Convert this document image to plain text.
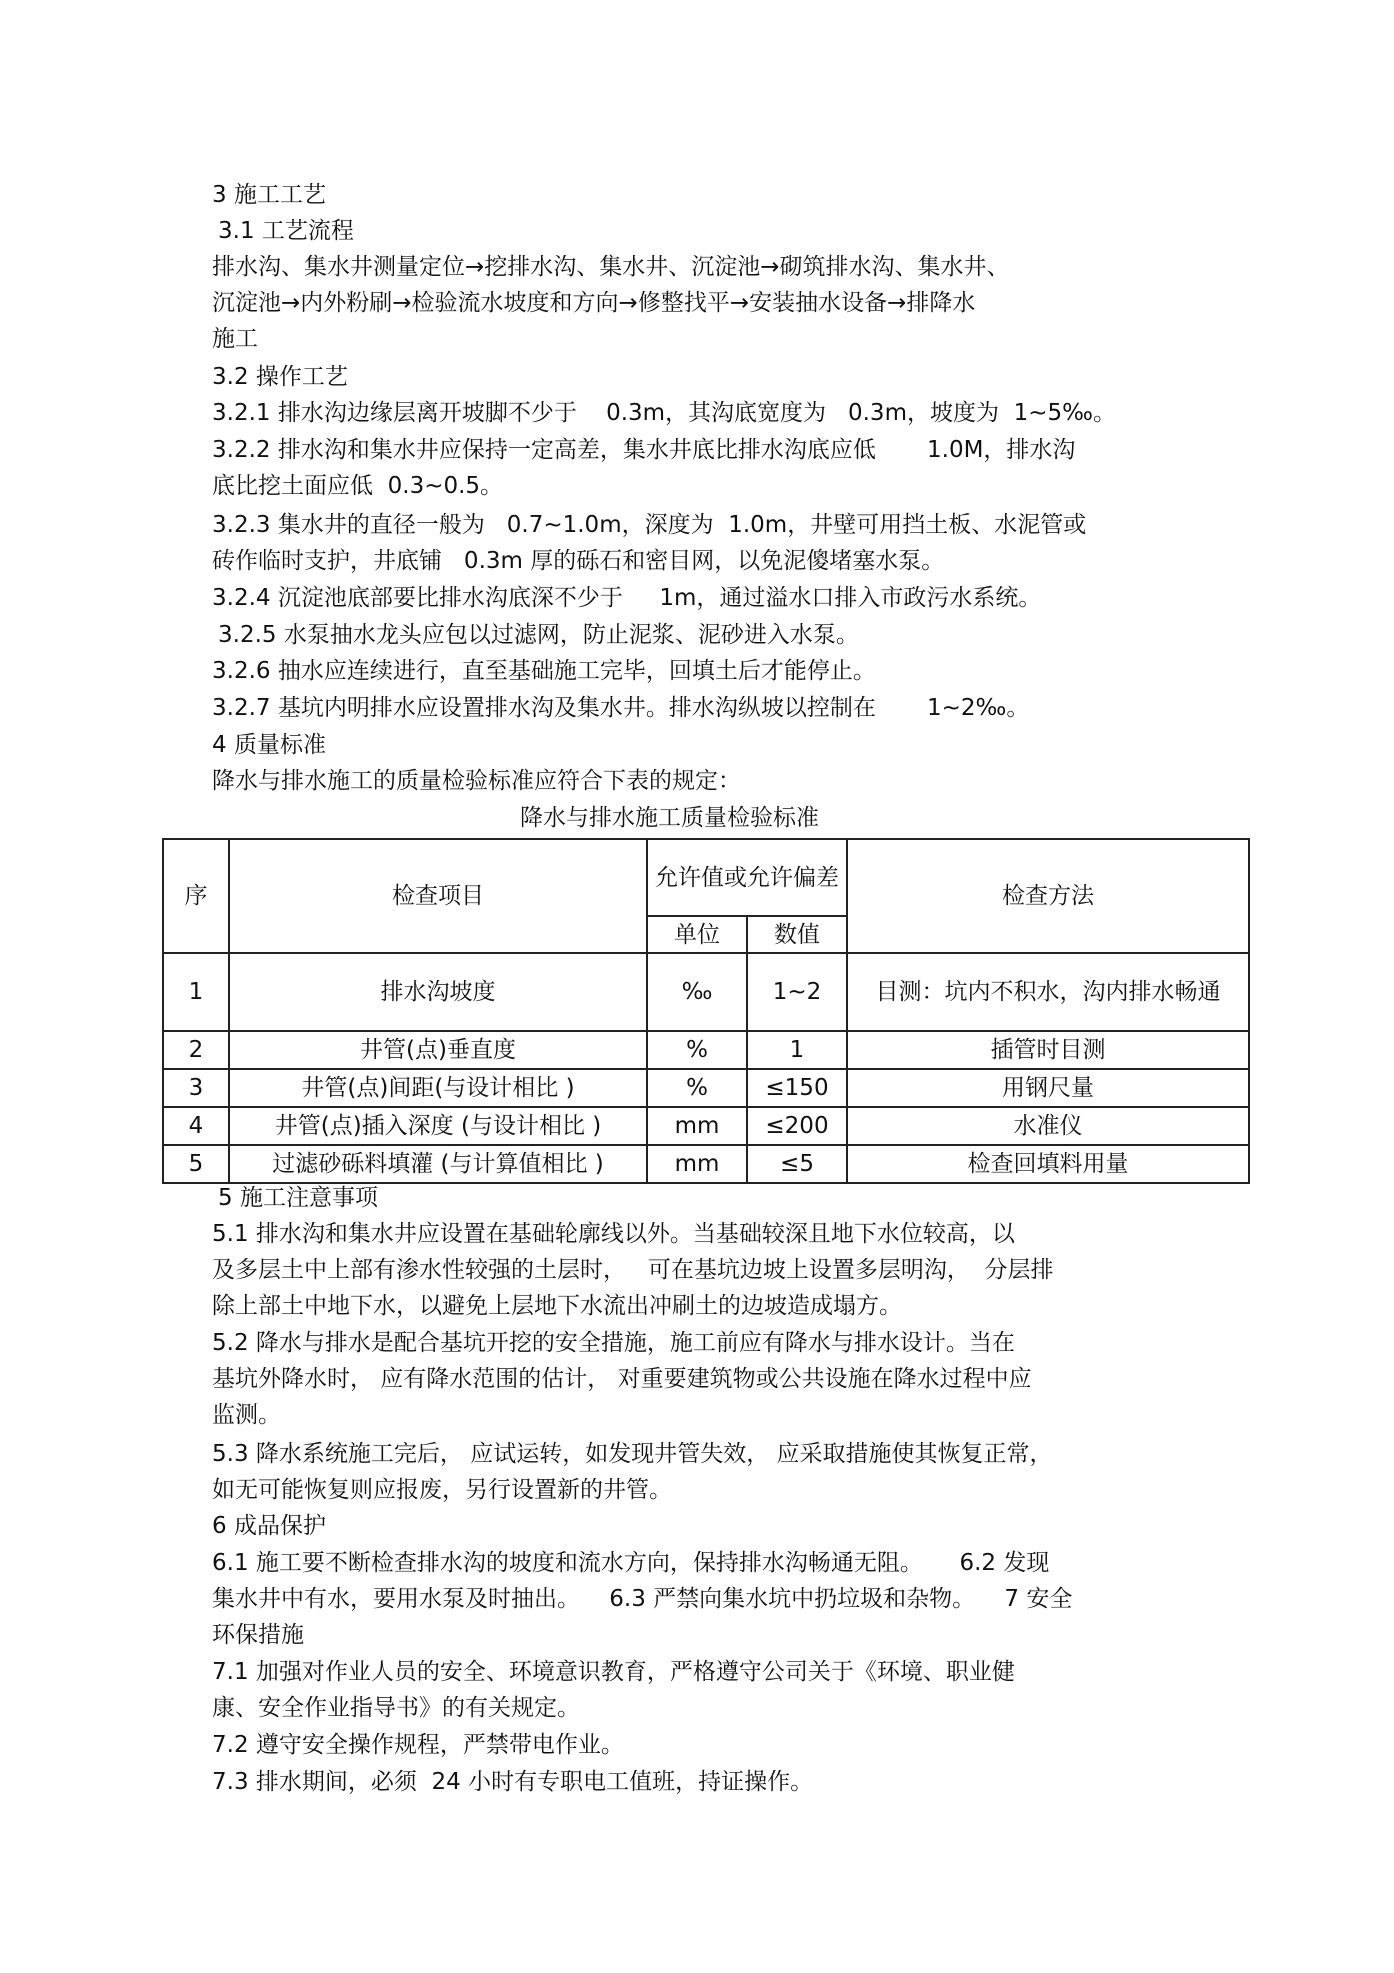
3 施工工艺
3.1 工艺流程
排水沟、集水井测量定位→挖排水沟、集水井、沉淀池→砌筑排水沟、集水井、
沉淀池→内外粉刷→检验流水坡度和方向→修整找平→安装抽水设备→排降水
施工
3.2 操作工艺
3.2.1 排水沟边缘层离开坡脚不少于    0.3m，其沟底宽度为   0.3m，坡度为  1~5‰。
3.2.2 排水沟和集水井应保持一定高差，集水井底比排水沟底应低       1.0M，排水沟
底比挖土面应低  0.3~0.5。
3.2.3 集水井的直径一般为   0.7~1.0m，深度为  1.0m，井壁可用挡土板、水泥管或
砖作临时支护，井底铺   0.3m 厚的砾石和密目网，以免泥傻堵塞水泵。
3.2.4 沉淀池底部要比排水沟底深不少于     1m，通过溢水口排入市政污水系统。
3.2.5 水泵抽水龙头应包以过滤网，防止泥浆、泥砂进入水泵。
3.2.6 抽水应连续进行，直至基础施工完毕，回填土后才能停止。
3.2.7 基坑内明排水应设置排水沟及集水井。排水沟纵坡以控制在       1~2‰。
4 质量标准
降水与排水施工的质量检验标准应符合下表的规定：
降水与排水施工质量检验标准
序	检查项目	允许值或允许偏差		检查方法
		单位	数值	
1	排水沟坡度	‰	1~2	目测：坑内不积水，沟内排水畅通
2	井管(点)垂直度	%	1	插管时目测
3	井管(点)间距(与设计相比 )	%	≤150	用钢尺量
4	井管(点)插入深度 (与设计相比 )	mm	≤200	水准仪
5	过滤砂砾料填灌 (与计算值相比 )	mm	≤5	检查回填料用量
5 施工注意事项
5.1 排水沟和集水井应设置在基础轮廓线以外。当基础较深且地下水位较高，以
及多层土中上部有渗水性较强的土层时，   可在基坑边坡上设置多层明沟，  分层排
除上部土中地下水，以避免上层地下水流出冲刷土的边坡造成塌方。
5.2 降水与排水是配合基坑开挖的安全措施，施工前应有降水与排水设计。当在
基坑外降水时， 应有降水范围的估计， 对重要建筑物或公共设施在降水过程中应
监测。
5.3 降水系统施工完后， 应试运转，如发现井管失效， 应采取措施使其恢复正常，
如无可能恢复则应报废，另行设置新的井管。
6 成品保护
6.1 施工要不断检查排水沟的坡度和流水方向，保持排水沟畅通无阻。     6.2 发现
集水井中有水，要用水泵及时抽出。    6.3 严禁向集水坑中扔垃圾和杂物。    7 安全
环保措施
7.1 加强对作业人员的安全、环境意识教育，严格遵守公司关于《环境、职业健
康、安全作业指导书》的有关规定。
7.2 遵守安全操作规程，严禁带电作业。
7.3 排水期间，必须  24 小时有专职电工值班，持证操作。
